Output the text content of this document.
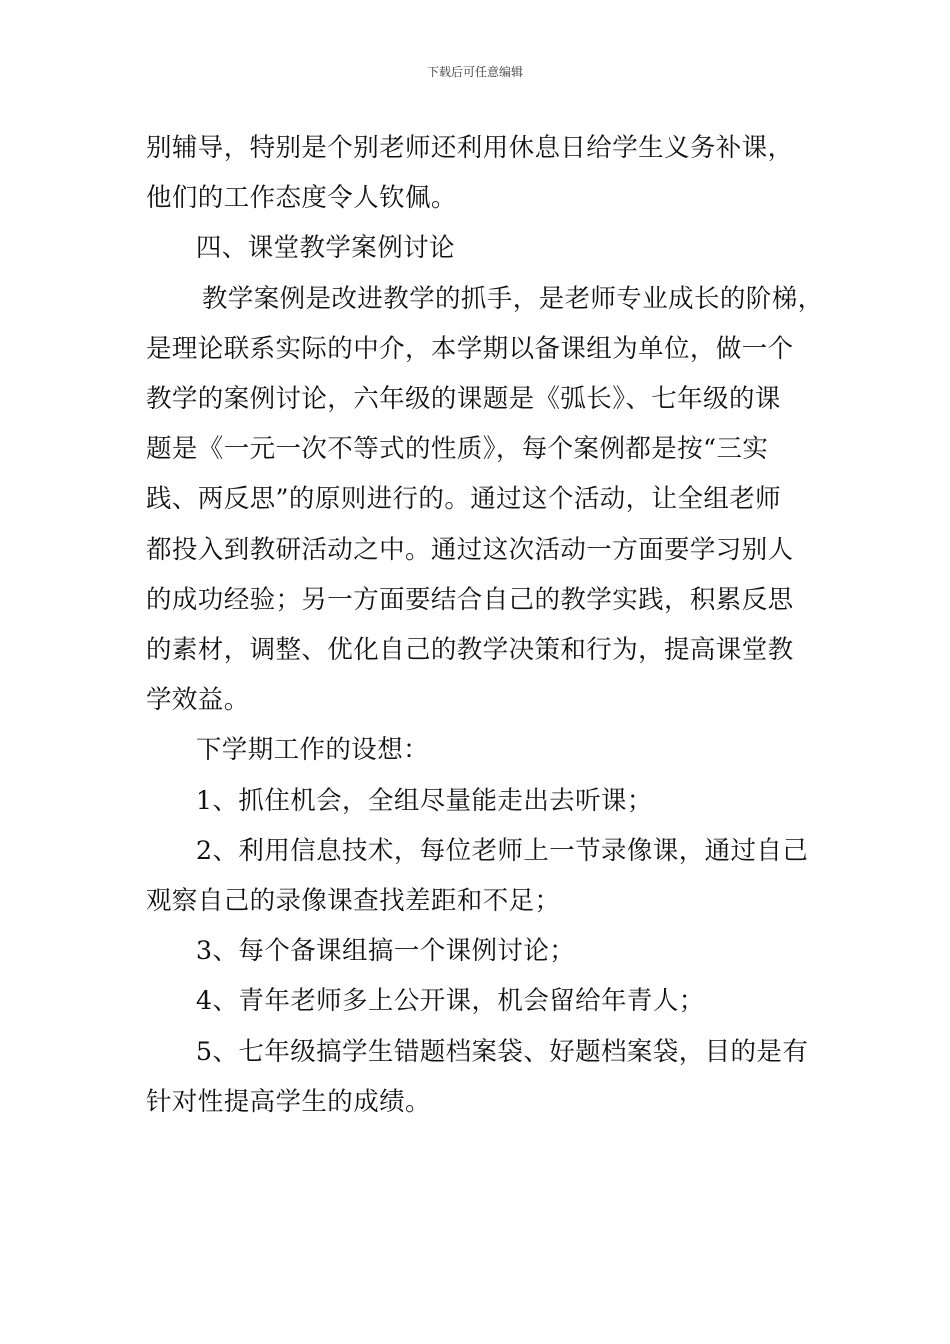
下载后可任意编辑
别辅导，特别是个别老师还利用休息日给学生义务补课，
他们的工作态度令人钦佩。
　四、课堂教学案例讨论
　教学案例是改进教学的抓手，是老师专业成长的阶梯，
是理论联系实际的中介，本学期以备课组为单位，做一个
教学的案例讨论，六年级的课题是《弧长》、七年级的课
题是《一元一次不等式的性质》，每个案例都是按“三实
践、两反思”的原则进行的。通过这个活动，让全组老师
都投入到教研活动之中。通过这次活动一方面要学习别人
的成功经验；另一方面要结合自己的教学实践，积累反思
的素材，调整、优化自己的教学决策和行为，提高课堂教
学效益。
　下学期工作的设想：
　1、抓住机会，全组尽量能走出去听课；
　2、利用信息技术，每位老师上一节录像课，通过自己
观察自己的录像课查找差距和不足；
　3、每个备课组搞一个课例讨论；
　4、青年老师多上公开课，机会留给年青人；
　5、七年级搞学生错题档案袋、好题档案袋，目的是有
针对性提高学生的成绩。
